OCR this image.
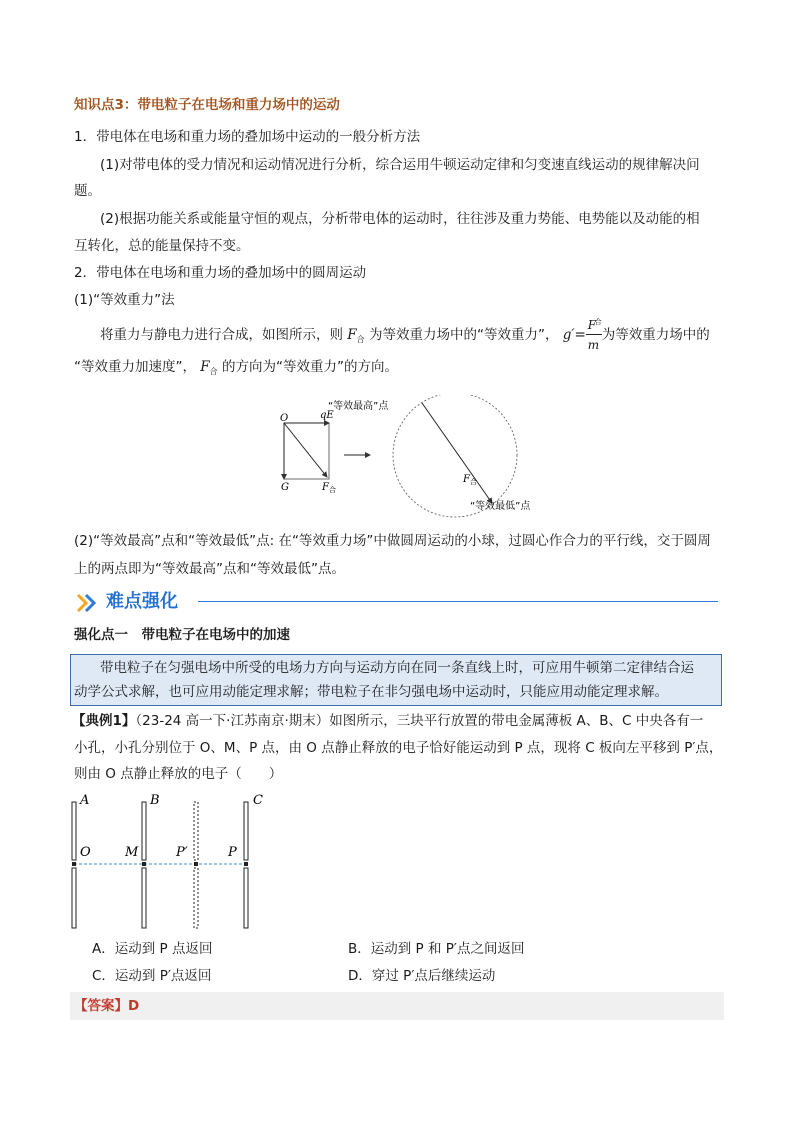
知识点3：带电粒子在电场和重力场中的运动
1．带电体在电场和重力场的叠加场中运动的一般分析方法
(1)对带电体的受力情况和运动情况进行分析，综合运用牛顿运动定律和匀变速直线运动的规律解决问
题。
(2)根据功能关系或能量守恒的观点，分析带电体的运动时，往往涉及重力势能、电势能以及动能的相
互转化，总的能量保持不变。
2．带电体在电场和重力场的叠加场中的圆周运动
(1)“等效重力”法
将重力与静电力进行合成，如图所示，则 $F_合$ 为等效重力场中的“等效重力”， g′=
F
合
m
为等效重力场中的
“等效重力加速度”， $F_合$ 的方向为“等效重力”的方向。
O	qE
G	F 合
“等效最高”点
F 合
“等效最低”点
(2)“等效最高”点和“等效最低”点: 在“等效重力场”中做圆周运动的小球，过圆心作合力的平行线，交于圆周
上的两点即为“等效最高”点和“等效最低”点。
难点强化
强化点一　带电粒子在电场中的加速
带电粒子在匀强电场中所受的电场力方向与运动方向在同一条直线上时，可应用牛顿第二定律结合运
动学公式求解，也可应用动能定理求解；带电粒子在非匀强电场中运动时，只能应用动能定理求解。
【典例1】（23-24 高一下·江苏南京·期末）如图所示，三块平行放置的带电金属薄板 A、B、C 中央各有一
小孔，小孔分别位于 O、M、P 点，由 O 点静止释放的电子恰好能运动到 P 点，现将 C 板向左平移到 P′点，
则由 O 点静止释放的电子（　　）
A	B	C
O	M	P′	P
A．运动到 P 点返回	B．运动到 P 和 P′点之间返回
C．运动到 P′点返回	D．穿过 P′点后继续运动
【答案】D
